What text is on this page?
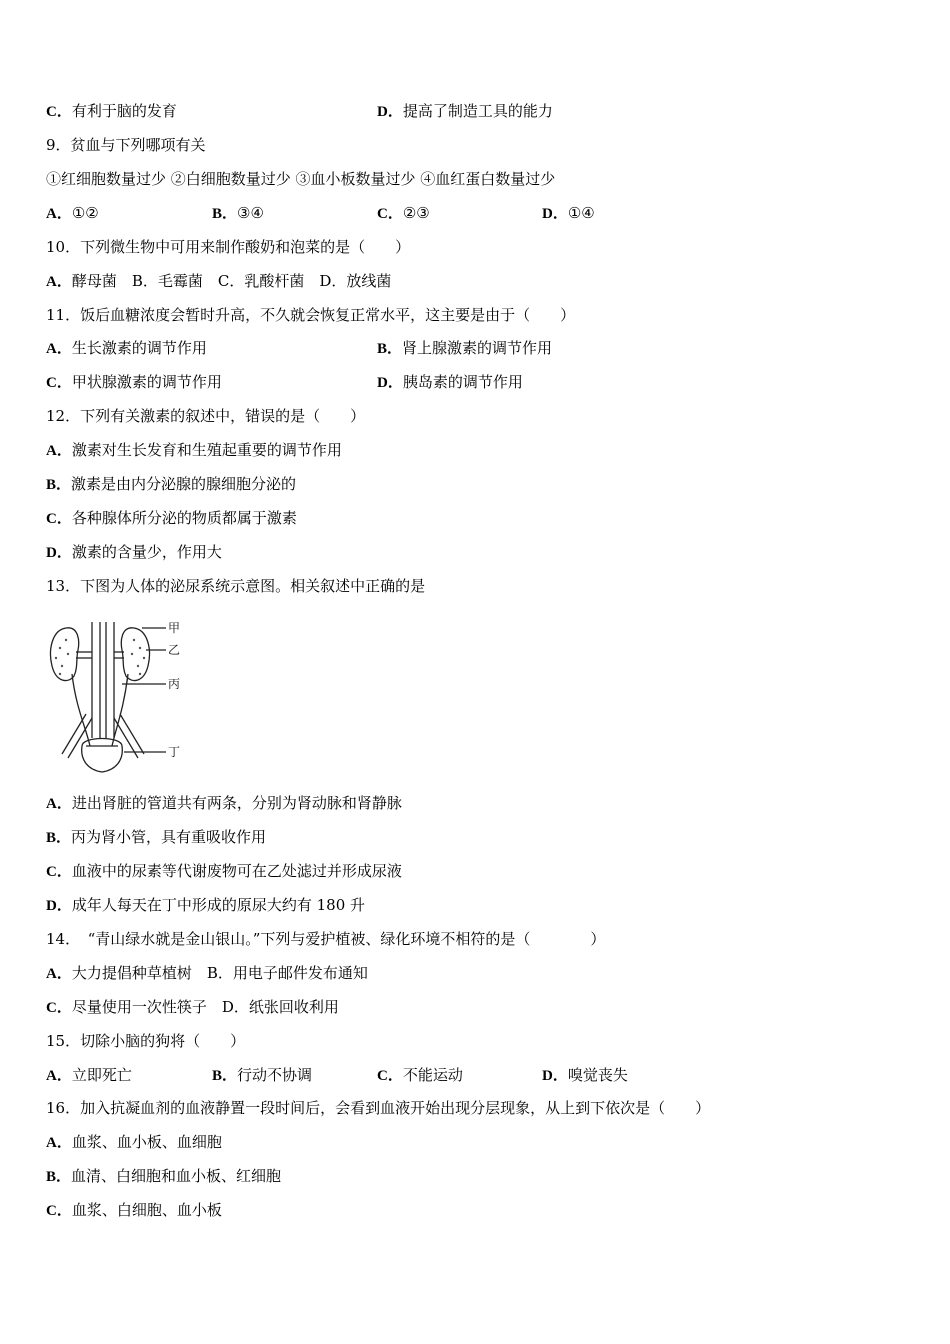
C．有利于脑的发育	D．提高了制造工具的能力
9．贫血与下列哪项有关
①红细胞数量过少 ②白细胞数量过少 ③血小板数量过少 ④血红蛋白数量过少
A．①②	B．③④	C．②③	D．①④
10．下列微生物中可用来制作酸奶和泡菜的是（　　）
A．酵母菌　B．毛霉菌　C．乳酸杆菌　D．放线菌
11．饭后血糖浓度会暂时升高，不久就会恢复正常水平，这主要是由于（　　）
A．生长激素的调节作用	B．肾上腺激素的调节作用
C．甲状腺激素的调节作用	D．胰岛素的调节作用
12．下列有关激素的叙述中，错误的是（　　）
A．激素对生长发育和生殖起重要的调节作用
B．激素是由内分泌腺的腺细胞分泌的
C．各种腺体所分泌的物质都属于激素
D．激素的含量少，作用大
13．下图为人体的泌尿系统示意图。相关叙述中正确的是
甲
乙
丙
丁
A．进出肾脏的管道共有两条，分别为肾动脉和肾静脉
B．丙为肾小管，具有重吸收作用
C．血液中的尿素等代谢废物可在乙处滤过并形成尿液
D．成年人每天在丁中形成的原尿大约有 180 升
14．　“青山绿水就是金山银山。”下列与爱护植被、绿化环境不相符的是（　　　　）
A．大力提倡种草植树　B．用电子邮件发布通知
C．尽量使用一次性筷子　D．纸张回收利用
15．切除小脑的狗将（　　）
A．立即死亡	B．行动不协调	C．不能运动	D．嗅觉丧失
16．加入抗凝血剂的血液静置一段时间后，会看到血液开始出现分层现象，从上到下依次是（　　）
A．血浆、血小板、血细胞
B．血清、白细胞和血小板、红细胞
C．血浆、白细胞、血小板
